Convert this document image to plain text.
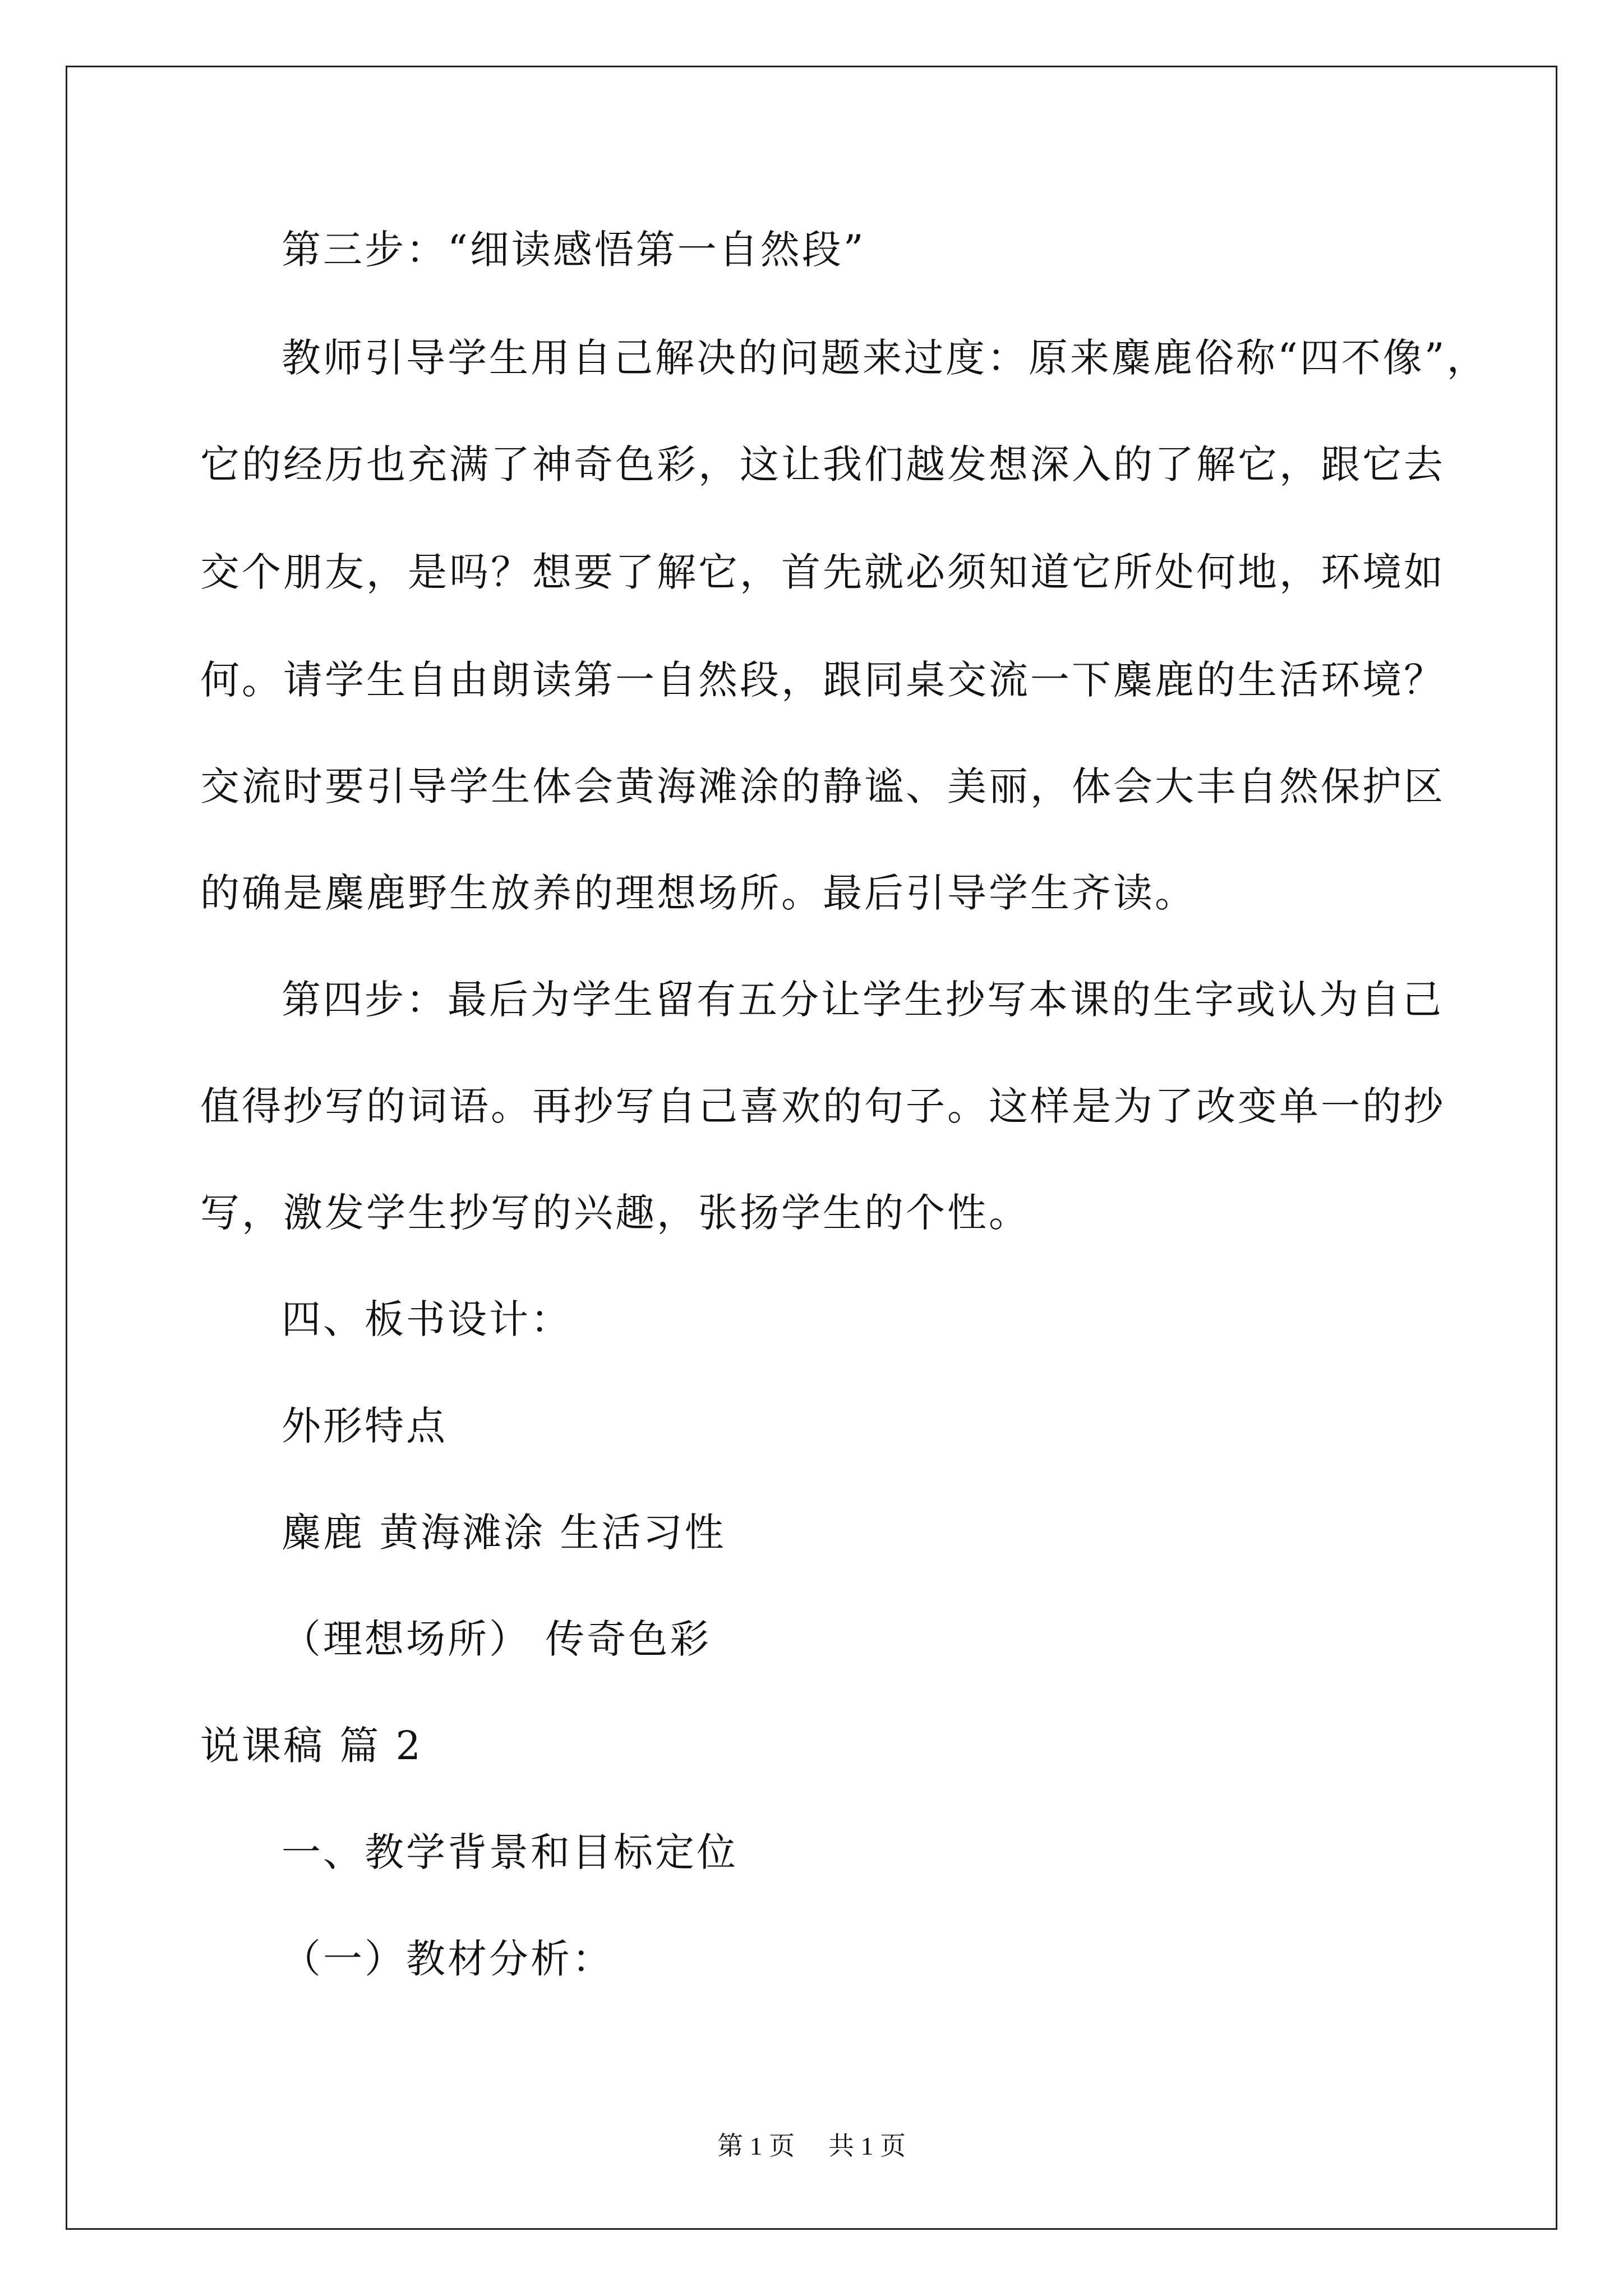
第三步：“细读感悟第一自然段”
教师引导学生用自己解决的问题来过度：原来麋鹿俗称“四不像”，
它的经历也充满了神奇色彩，这让我们越发想深入的了解它，跟它去
交个朋友，是吗？想要了解它，首先就必须知道它所处何地，环境如
何。请学生自由朗读第一自然段，跟同桌交流一下麋鹿的生活环境？
交流时要引导学生体会黄海滩涂的静谧、美丽，体会大丰自然保护区
的确是麋鹿野生放养的理想场所。最后引导学生齐读。
第四步：最后为学生留有五分让学生抄写本课的生字或认为自己
值得抄写的词语。再抄写自己喜欢的句子。这样是为了改变单一的抄
写，激发学生抄写的兴趣，张扬学生的个性。
四、板书设计：
外形特点
麋鹿 黄海滩涂 生活习性
（理想场所） 传奇色彩
说课稿 篇 2
一、教学背景和目标定位
（一）教材分析：
第 1 页 共 1 页
